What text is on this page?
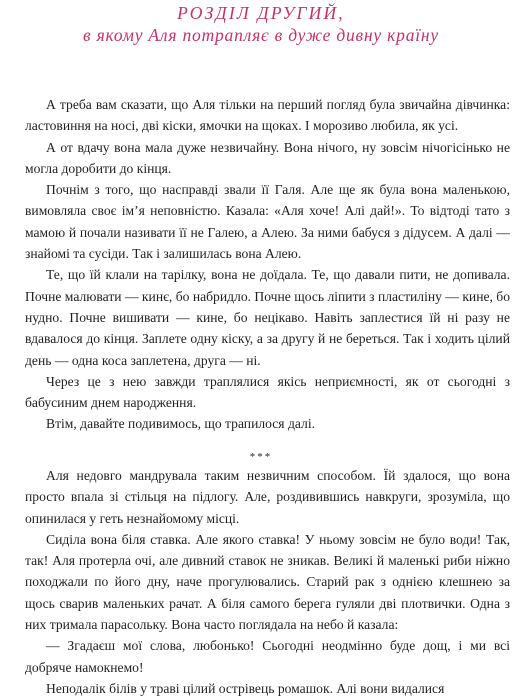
РОЗДІЛ ДРУГИЙ,
в якому Аля потрапляє в дуже дивну країну

А треба вам сказати, що Аля тільки на перший погляд була звичайна дівчинка: ластовиння на носі, дві кіски, ямочки на щоках. І морозиво любила, як усі.

А от вдачу вона мала дуже незвичайну. Вона нічого, ну зовсім нічогісінько не могла доробити до кінця.

Почнім з того, що насправді звали її Галя. Але ще як була вона маленькою, вимовляла своє ім’я неповністю. Казала: «Аля хоче! Алі дай!». То відтоді тато з мамою й почали називати її не Галею, а Алею. За ними бабуся з дідусем. А далі — знайомі та сусіди. Так і залишилась вона Алею.

Те, що їй клали на тарілку, вона не доїдала. Те, що давали пити, не допивала. Почне малювати — кинє, бо набридло. Почне щось ліпити з пластиліну — кине, бо нудно. Почне вишивати — кине, бо нецікаво. Навіть заплестися їй ні разу не вдавалося до кінця. Заплете одну кіску, а за другу й не береться. Так і ходить цілий день — одна коса заплетена, друга — ні.

Через це з нею завжди траплялися якісь неприємності, як от сьогодні з бабусиним днем народження.

Втім, давайте подивимось, що трапилося далі.

***

Аля недовго мандрувала таким незвичним способом. Їй здалося, що вона просто впала зі стільця на підлогу. Але, роздивившись навкруги, зрозуміла, що опинилася у геть незнайомому місці.

Сиділа вона біля ставка. Але якого ставка! У ньому зовсім не було води! Так, так! Аля протерла очі, але дивний ставок не зникав. Великі й маленькі риби ніжно походжали по його дну, наче прогулювались. Старий рак з однією клешнею за щось сварив маленьких рачат. А біля самого берега гуляли дві плотвички. Одна з них тримала парасольку. Вона часто поглядала на небо й казала:

— Згадаєш мої слова, любонько! Сьогодні неодмінно буде дощ, і ми всі добряче намокнемо!

Неподалік білів у траві цілий острівець ромашок. Алі вони видалися
